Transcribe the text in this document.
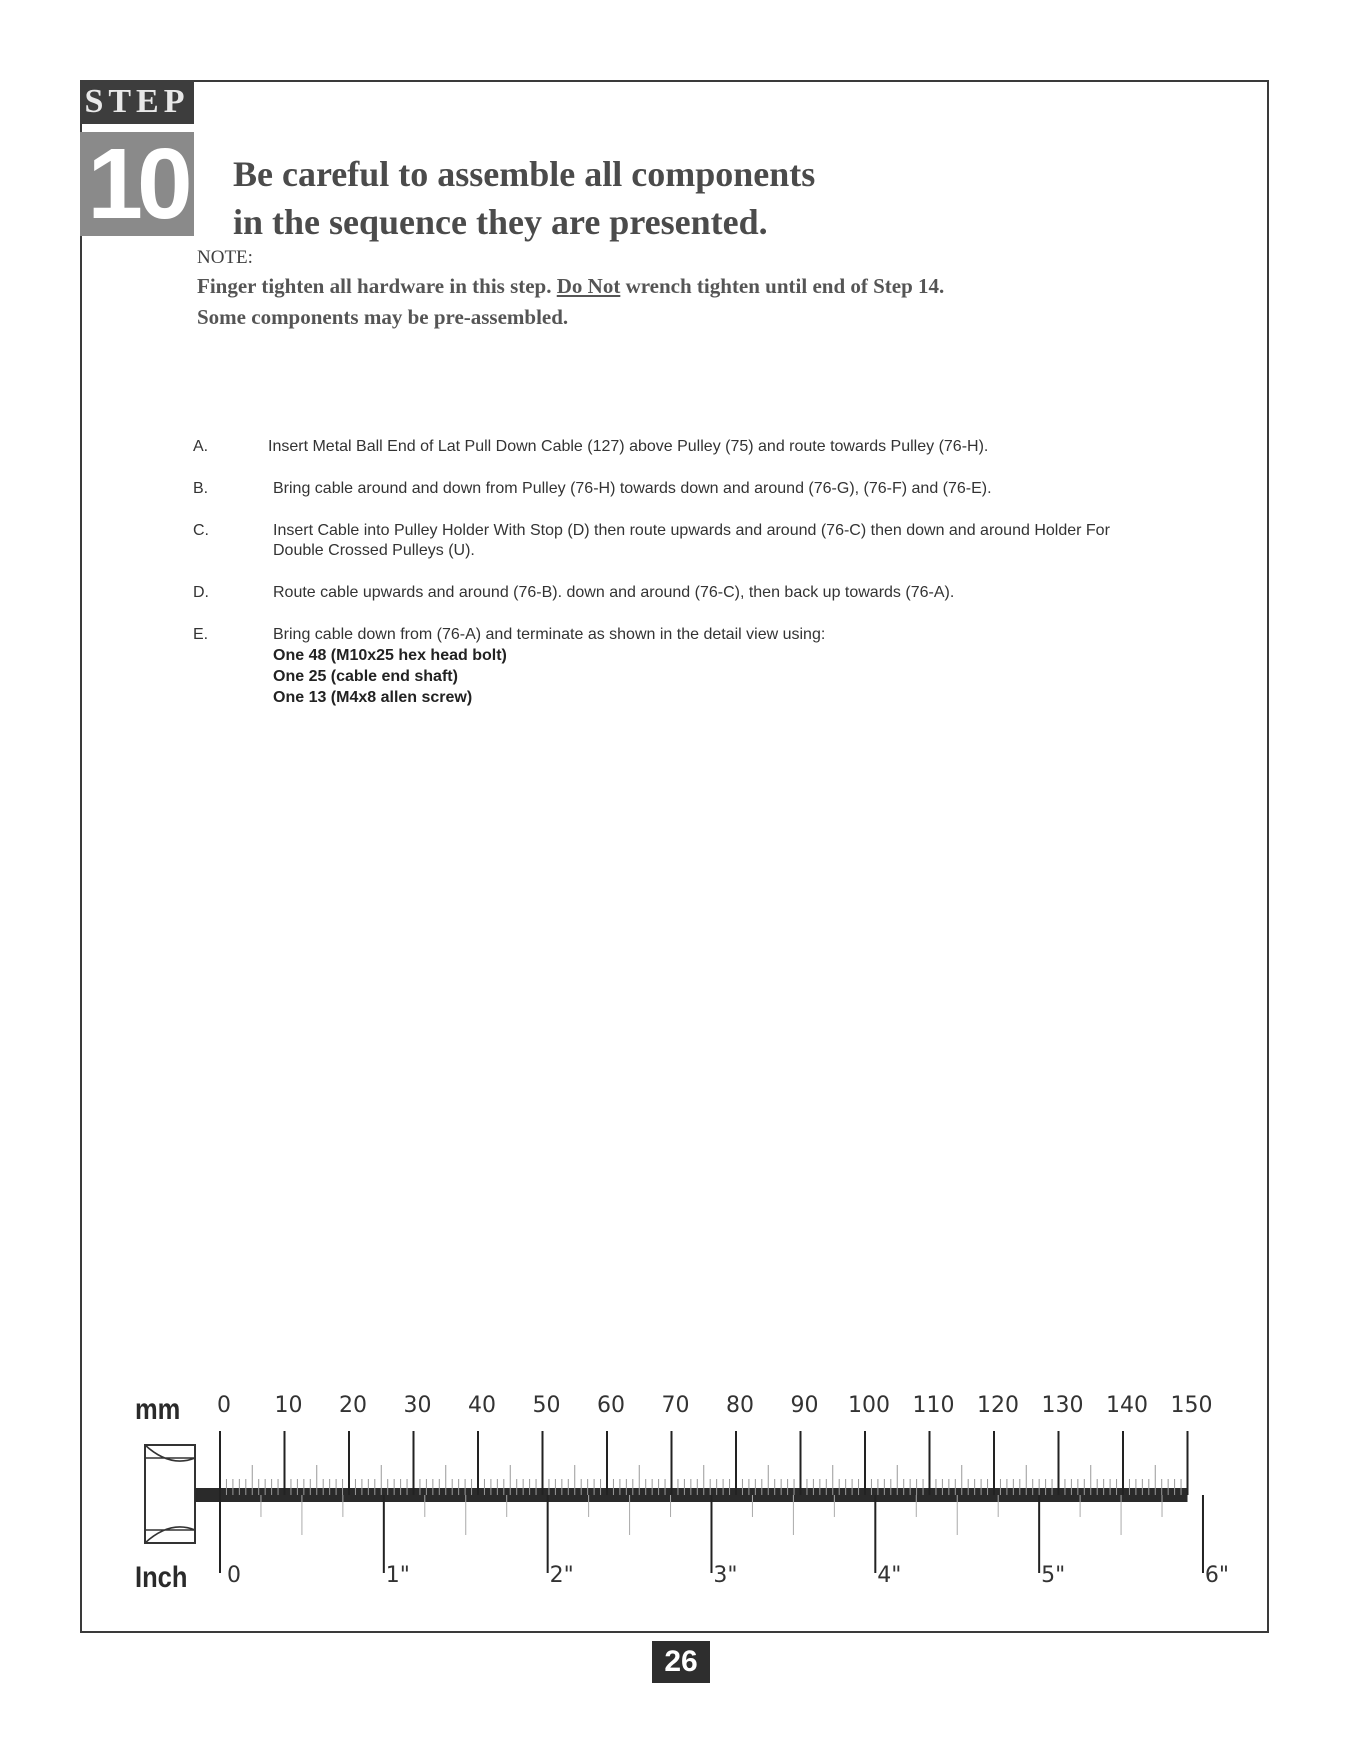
STEP
10 Be careful to assemble all components
in the sequence they are presented.
NOTE:
Finger tighten all hardware in this step. Do Not wrench tighten until end of Step 14.
Some components may be pre-assembled.
A.	Insert Metal Ball End of Lat Pull Down Cable (127) above Pulley (75) and route towards Pulley (76-H).
B.	Bring cable around and down from Pulley (76-H) towards down and around (76-G), (76-F) and (76-E).
C.	Insert Cable into Pulley Holder With Stop (D) then route upwards and around (76-C) then down and around Holder For Double Crossed Pulleys (U).
D.	Route cable upwards and around (76-B). down and around (76-C), then back up towards (76-A).
E.	Bring cable down from (76-A) and terminate as shown in the detail view using:
One 48 (M10x25 hex head bolt)
One 25 (cable end shaft)
One 13 (M4x8 allen screw)
mm
Inch
0 10 20 30 40 50 60 70 80 90 100 110 120 130 140 150
0	1"	2"	3"	4"	5"	6"
26
